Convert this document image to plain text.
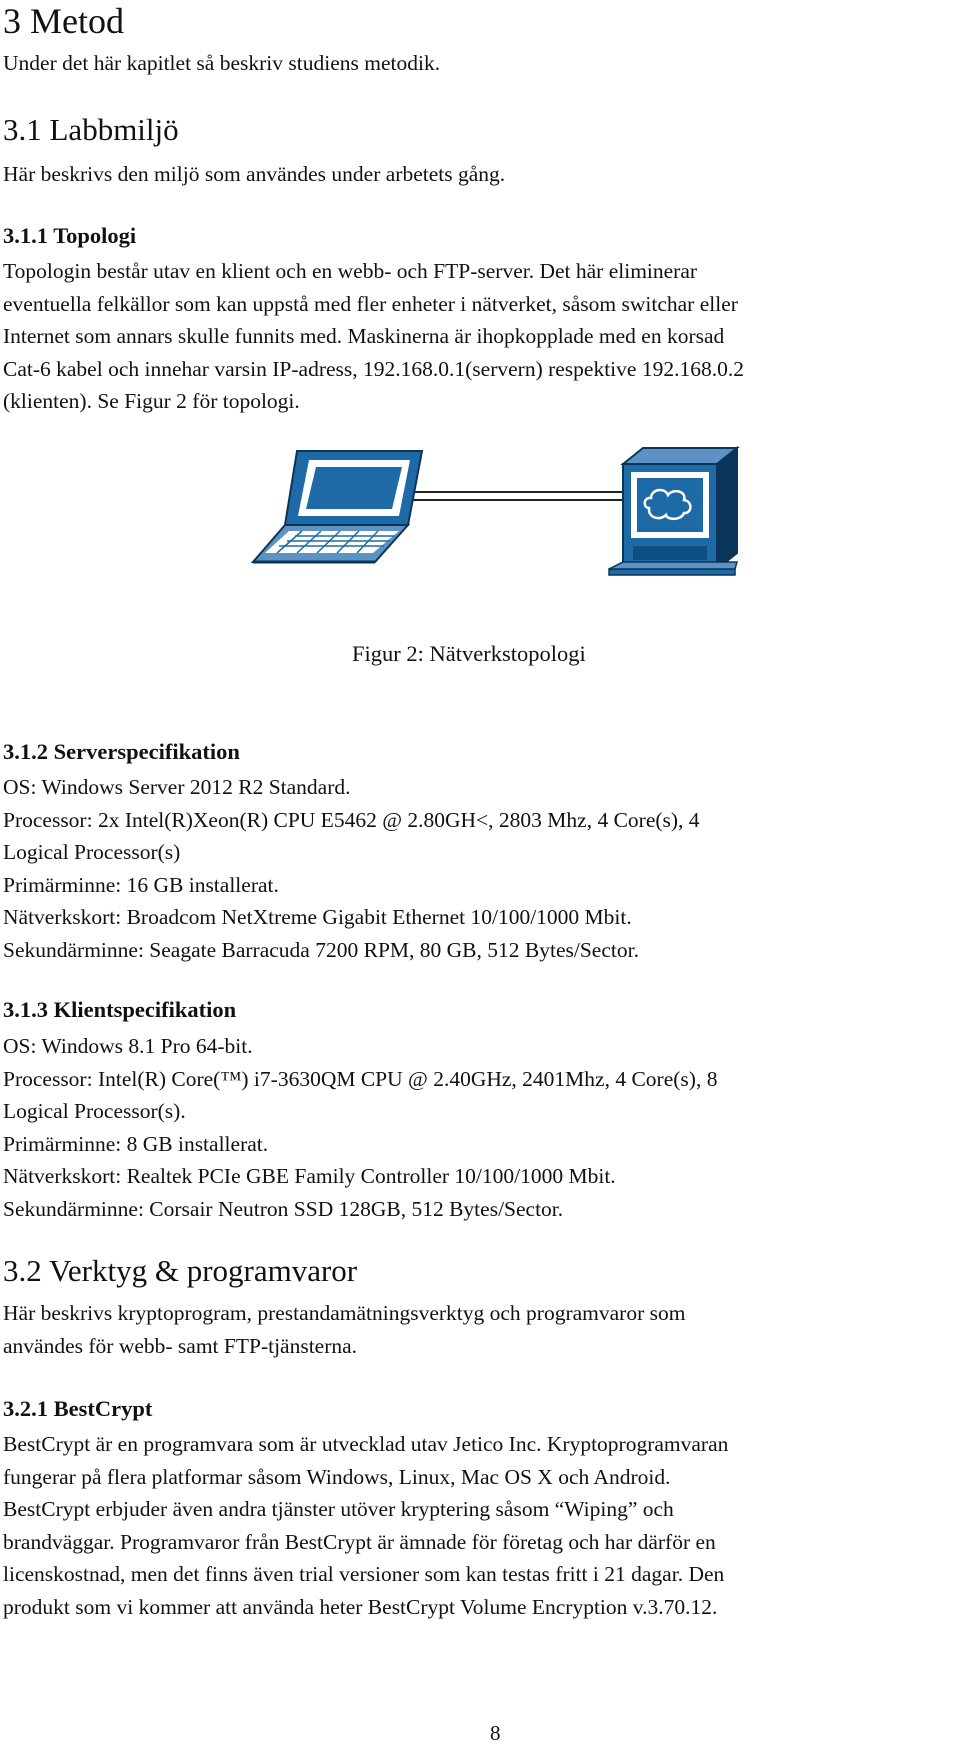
3 Metod
Under det här kapitlet så beskriv studiens metodik.
3.1 Labbmiljö
Här beskrivs den miljö som användes under arbetets gång.
3.1.1 Topologi
Topologin består utav en klient och en webb- och FTP-server. Det här eliminerar
eventuella felkällor som kan uppstå med fler enheter i nätverket, såsom switchar eller
Internet som annars skulle funnits med. Maskinerna är ihopkopplade med en korsad
Cat-6 kabel och innehar varsin IP-adress, 192.168.0.1(servern) respektive 192.168.0.2
(klienten). Se Figur 2 för topologi.
Figur 2: Nätverkstopologi
3.1.2 Serverspecifikation
OS: Windows Server 2012 R2 Standard.
Processor: 2x Intel(R)Xeon(R) CPU E5462 @ 2.80GH<, 2803 Mhz, 4 Core(s), 4
Logical Processor(s)
Primärminne: 16 GB installerat.
Nätverkskort: Broadcom NetXtreme Gigabit Ethernet 10/100/1000 Mbit.
Sekundärminne: Seagate Barracuda 7200 RPM, 80 GB, 512 Bytes/Sector.
3.1.3 Klientspecifikation
OS: Windows 8.1 Pro 64-bit.
Processor: Intel(R) Core(™) i7-3630QM CPU @ 2.40GHz, 2401Mhz, 4 Core(s), 8
Logical Processor(s).
Primärminne: 8 GB installerat.
Nätverkskort: Realtek PCIe GBE Family Controller 10/100/1000 Mbit.
Sekundärminne: Corsair Neutron SSD 128GB, 512 Bytes/Sector.
3.2 Verktyg & programvaror
Här beskrivs kryptoprogram, prestandamätningsverktyg och programvaror som
användes för webb- samt FTP-tjänsterna.
3.2.1 BestCrypt
BestCrypt är en programvara som är utvecklad utav Jetico Inc. Kryptoprogramvaran
fungerar på flera platformar såsom Windows, Linux, Mac OS X och Android.
BestCrypt erbjuder även andra tjänster utöver kryptering såsom “Wiping” och
brandväggar. Programvaror från BestCrypt är ämnade för företag och har därför en
licenskostnad, men det finns även trial versioner som kan testas fritt i 21 dagar. Den
produkt som vi kommer att använda heter BestCrypt Volume Encryption v.3.70.12.
8
